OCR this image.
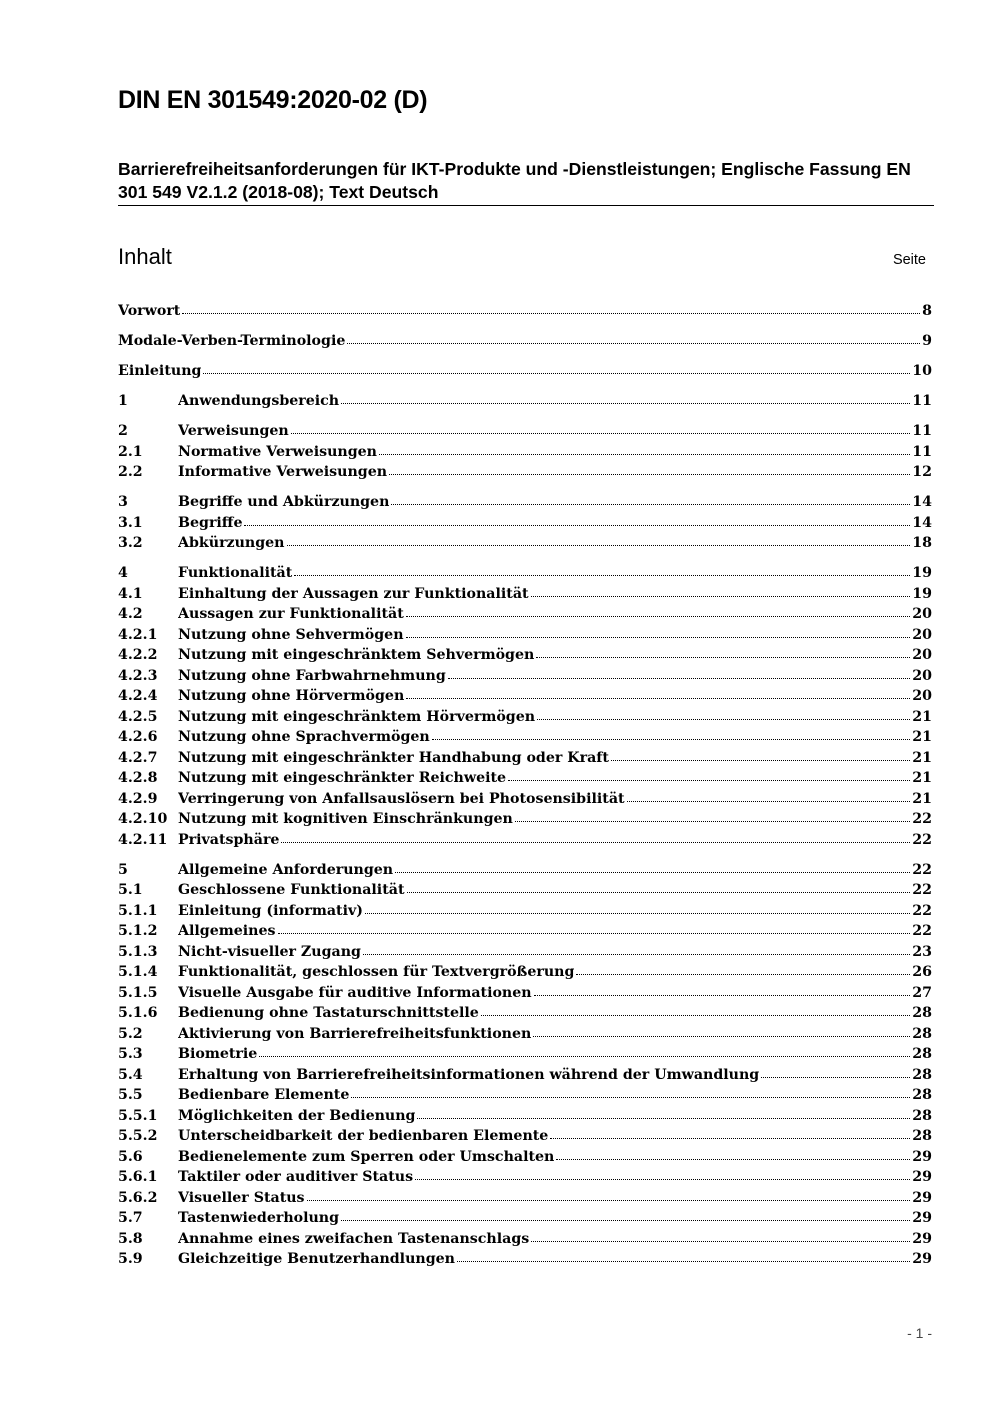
DIN EN 301549:2020-02 (D)
Barrierefreiheitsanforderungen für IKT-Produkte und -Dienstleistungen; Englische Fassung EN 301 549 V2.1.2 (2018-08); Text Deutsch
Inhalt	Seite
Vorwort	8
Modale-Verben-Terminologie	9
Einleitung	10
1	Anwendungsbereich	11
2	Verweisungen	11
2.1	Normative Verweisungen	11
2.2	Informative Verweisungen	12
3	Begriffe und Abkürzungen	14
3.1	Begriffe	14
3.2	Abkürzungen	18
4	Funktionalität	19
4.1	Einhaltung der Aussagen zur Funktionalität	19
4.2	Aussagen zur Funktionalität	20
4.2.1	Nutzung ohne Sehvermögen	20
4.2.2	Nutzung mit eingeschränktem Sehvermögen	20
4.2.3	Nutzung ohne Farbwahrnehmung	20
4.2.4	Nutzung ohne Hörvermögen	20
4.2.5	Nutzung mit eingeschränktem Hörvermögen	21
4.2.6	Nutzung ohne Sprachvermögen	21
4.2.7	Nutzung mit eingeschränkter Handhabung oder Kraft	21
4.2.8	Nutzung mit eingeschränkter Reichweite	21
4.2.9	Verringerung von Anfallsauslösern bei Photosensibilität	21
4.2.10 Nutzung mit kognitiven Einschränkungen	22
4.2.11 Privatsphäre	22
5	Allgemeine Anforderungen	22
5.1	Geschlossene Funktionalität	22
5.1.1	Einleitung (informativ)	22
5.1.2	Allgemeines	22
5.1.3	Nicht-visueller Zugang	23
5.1.4	Funktionalität, geschlossen für Textvergrößerung	26
5.1.5	Visuelle Ausgabe für auditive Informationen	27
5.1.6	Bedienung ohne Tastaturschnittstelle	28
5.2	Aktivierung von Barrierefreiheitsfunktionen	28
5.3	Biometrie	28
5.4	Erhaltung von Barrierefreiheitsinformationen während der Umwandlung	28
5.5	Bedienbare Elemente	28
5.5.1	Möglichkeiten der Bedienung	28
5.5.2	Unterscheidbarkeit der bedienbaren Elemente	28
5.6	Bedienelemente zum Sperren oder Umschalten	29
5.6.1	Taktiler oder auditiver Status	29
5.6.2	Visueller Status	29
5.7	Tastenwiederholung	29
5.8	Annahme eines zweifachen Tastenanschlags	29
5.9	Gleichzeitige Benutzerhandlungen	29
- 1 -
